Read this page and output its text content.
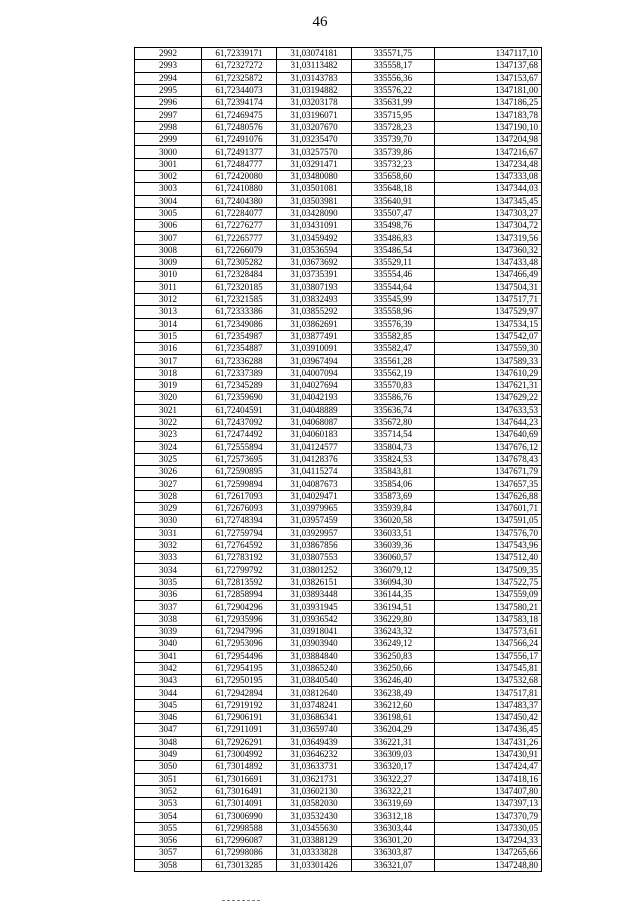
46
2992	61,72339171	31,03074181	335571,75	1347117,10
2993	61,72327272	31,03113482	335558,17	1347137,68
2994	61,72325872	31,03143783	335556,36	1347153,67
2995	61,72344073	31,03194882	335576,22	1347181,00
2996	61,72394174	31,03203178	335631,99	1347186,25
2997	61,72469475	31,03196071	335715,95	1347183,78
2998	61,72480576	31,03207670	335728,23	1347190,10
2999	61,72491076	31,03235470	335739,70	1347204,98
3000	61,72491377	31,03257570	335739,86	1347216,67
3001	61,72484777	31,03291471	335732,23	1347234,48
3002	61,72420080	31,03480080	335658,60	1347333,08
3003	61,72410880	31,03501081	335648,18	1347344,03
3004	61,72404380	31,03503981	335640,91	1347345,45
3005	61,72284077	31,03428090	335507,47	1347303,27
3006	61,72276277	31,03431091	335498,76	1347304,72
3007	61,72265777	31,03459492	335486,83	1347319,56
3008	61,72266079	31,03536594	335486,54	1347360,32
3009	61,72305282	31,03673692	335529,11	1347433,48
3010	61,72328484	31,03735391	335554,46	1347466,49
3011	61,72320185	31,03807193	335544,64	1347504,31
3012	61,72321585	31,03832493	335545,99	1347517,71
3013	61,72333386	31,03855292	335558,96	1347529,97
3014	61,72349086	31,03862691	335576,39	1347534,15
3015	61,72354987	31,03877491	335582,85	1347542,07
3016	61,72354887	31,03910091	335582,47	1347559,30
3017	61,72336288	31,03967494	335561,28	1347589,33
3018	61,72337389	31,04007094	335562,19	1347610,29
3019	61,72345289	31,04027694	335570,83	1347621,31
3020	61,72359690	31,04042193	335586,76	1347629,22
3021	61,72404591	31,04048889	335636,74	1347633,53
3022	61,72437092	31,04068087	335672,80	1347644,23
3023	61,72474492	31,04060183	335714,54	1347640,69
3024	61,72555894	31,04124577	335804,73	1347676,12
3025	61,72573695	31,04128376	335824,53	1347678,43
3026	61,72590895	31,04115274	335843,81	1347671,79
3027	61,72599894	31,04087673	335854,06	1347657,35
3028	61,72617093	31,04029471	335873,69	1347626,88
3029	61,72676093	31,03979965	335939,84	1347601,71
3030	61,72748394	31,03957459	336020,58	1347591,05
3031	61,72759794	31,03929957	336033,51	1347576,70
3032	61,72764592	31,03867856	336039,36	1347543,96
3033	61,72783192	31,03807553	336060,57	1347512,40
3034	61,72799792	31,03801252	336079,12	1347509,35
3035	61,72813592	31,03826151	336094,30	1347522,75
3036	61,72858994	31,03893448	336144,35	1347559,09
3037	61,72904296	31,03931945	336194,51	1347580,21
3038	61,72935996	31,03936542	336229,80	1347583,18
3039	61,72947996	31,03918041	336243,32	1347573,61
3040	61,72953096	31,03903940	336249,12	1347566,24
3041	61,72954496	31,03884840	336250,83	1347556,17
3042	61,72954195	31,03865240	336250,66	1347545,81
3043	61,72950195	31,03840540	336246,40	1347532,68
3044	61,72942894	31,03812640	336238,49	1347517,81
3045	61,72919192	31,03748241	336212,60	1347483,37
3046	61,72906191	31,03686341	336198,61	1347450,42
3047	61,72911091	31,03659740	336204,29	1347436,45
3048	61,72926291	31,03649439	336221,31	1347431,26
3049	61,73004992	31,03646232	336309,03	1347430,91
3050	61,73014892	31,03633731	336320,17	1347424,47
3051	61,73016691	31,03621731	336322,27	1347418,16
3052	61,73016491	31,03602130	336322,21	1347407,80
3053	61,73014091	31,03582030	336319,69	1347397,13
3054	61,73006990	31,03532430	336312,18	1347370,79
3055	61,72998588	31,03455630	336303,44	1347330,05
3056	61,72996087	31,03388129	336301,20	1347294,33
3057	61,72998086	31,03333828	336303,87	1347265,66
3058	61,73013285	31,03301426	336321,07	1347248,80
